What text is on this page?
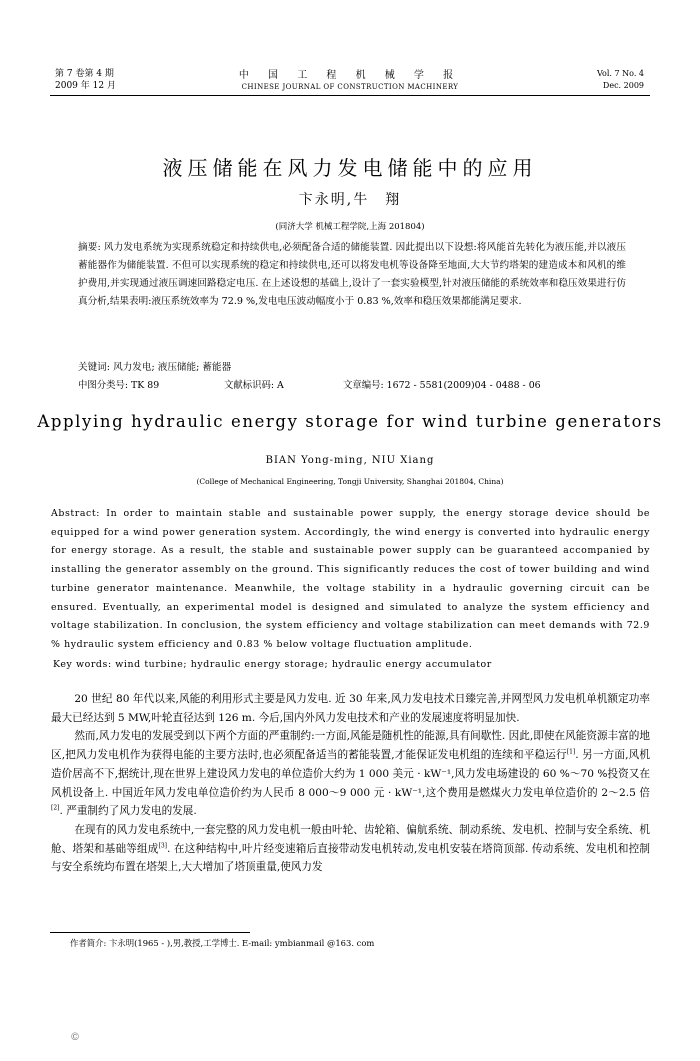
第 7 卷第 4 期
2009 年 12 月
中 国 工 程 机 械 学 报
CHINESE JOURNAL OF CONSTRUCTION MACHINERY
Vol. 7 No. 4
Dec. 2009
液压储能在风力发电储能中的应用
卞永明,牛　翔
(同济大学 机械工程学院,上海 201804)
摘要: 风力发电系统为实现系统稳定和持续供电,必须配备合适的储能装置. 因此提出以下设想:将风能首先转化为液压能,并以液压蓄能器作为储能装置. 不但可以实现系统的稳定和持续供电,还可以将发电机等设备降至地面,大大节约塔架的建造成本和风机的维护费用,并实现通过液压调速回路稳定电压. 在上述设想的基础上,设计了一套实验模型,针对液压储能的系统效率和稳压效果进行仿真分析,结果表明:液压系统效率为 72.9 %,发电电压波动幅度小于 0.83 %,效率和稳压效果都能满足要求.
关键词: 风力发电; 液压储能; 蓄能器
中图分类号: TK 89	文献标识码: A	文章编号: 1672 - 5581(2009)04 - 0488 - 06
Applying hydraulic energy storage for wind turbine generators
BIAN Yong-ming, NIU Xiang
(College of Mechanical Engineering, Tongji University, Shanghai 201804, China)
Abstract: In order to maintain stable and sustainable power supply, the energy storage device should be equipped for a wind power generation system. Accordingly, the wind energy is converted into hydraulic energy for energy storage. As a result, the stable and sustainable power supply can be guaranteed accompanied by installing the generator assembly on the ground. This significantly reduces the cost of tower building and wind turbine generator maintenance. Meanwhile, the voltage stability in a hydraulic governing circuit can be ensured. Eventually, an experimental model is designed and simulated to analyze the system efficiency and voltage stabilization. In conclusion, the system efficiency and voltage stabilization can meet demands with 72.9 % hydraulic system efficiency and 0.83 % below voltage fluctuation amplitude.
Key words: wind turbine; hydraulic energy storage; hydraulic energy accumulator

20 世纪 80 年代以来,风能的利用形式主要是风力发电. 近 30 年来,风力发电技术日臻完善,并网型风力发电机单机额定功率最大已经达到 5 MW,叶轮直径达到 126 m. 今后,国内外风力发电技术和产业的发展速度将明显加快.

然而,风力发电的发展受到以下两个方面的严重制约:一方面,风能是随机性的能源,具有间歇性. 因此,即使在风能资源丰富的地区,把风力发电机作为获得电能的主要方法时,也必须配备适当的蓄能装置,才能保证发电机组的连续和平稳运行[1]. 另一方面,风机造价居高不下,据统计,现在世界上建设风力发电的单位造价大约为 1 000 美元 · kW⁻¹,风力发电场建设的 60 %～70 %投资又在风机设备上. 中国近年风力发电单位造价约为人民币 8 000～9 000 元 · kW⁻¹,这个费用是燃煤火力发电单位造价的 2～2.5 倍[2]. 严重制约了风力发电的发展.

在现有的风力发电系统中,一套完整的风力发电机一般由叶轮、齿轮箱、偏航系统、制动系统、发电机、控制与安全系统、机舱、塔架和基础等组成[3]. 在这种结构中,叶片经变速箱后直接带动发电机转动,发电机安装在塔筒顶部. 传动系统、发电机和控制与安全系统均布置在塔架上,大大增加了塔顶重量,使风力发

作者简介: 卞永明(1965 - ),男,教授,工学博士. E-mail: ymbianmail @163. com
©
